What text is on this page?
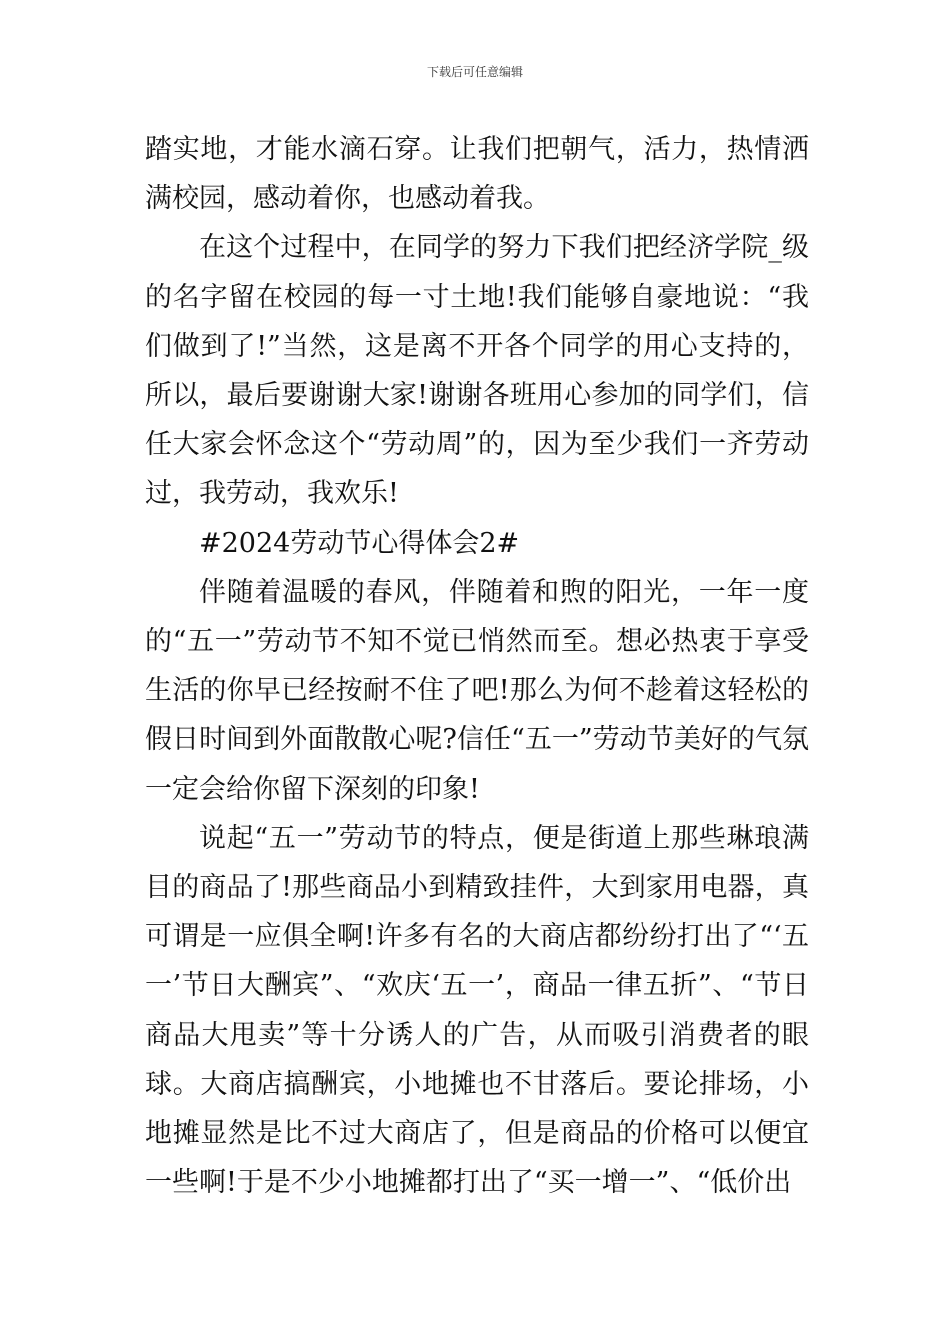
下载后可任意编辑

踏实地，才能水滴石穿。让我们把朝气，活力，热情洒满校园，感动着你，也感动着我。

在这个过程中，在同学的努力下我们把经济学院_级的名字留在校园的每一寸土地!我们能够自豪地说：“我们做到了!”当然，这是离不开各个同学的用心支持的，所以，最后要谢谢大家!谢谢各班用心参加的同学们，信任大家会怀念这个“劳动周”的，因为至少我们一齐劳动过，我劳动，我欢乐!

#2024劳动节心得体会2#

伴随着温暖的春风，伴随着和煦的阳光，一年一度的“五一”劳动节不知不觉已悄然而至。想必热衷于享受生活的你早已经按耐不住了吧!那么为何不趁着这轻松的假日时间到外面散散心呢?信任“五一”劳动节美好的气氛一定会给你留下深刻的印象!

说起“五一”劳动节的特点，便是街道上那些琳琅满目的商品了!那些商品小到精致挂件，大到家用电器，真可谓是一应俱全啊!许多有名的大商店都纷纷打出了“‘五一’节日大酬宾”、“欢庆‘五一’，商品一律五折”、“节日商品大甩卖”等十分诱人的广告，从而吸引消费者的眼球。大商店搞酬宾，小地摊也不甘落后。要论排场，小地摊显然是比不过大商店了，但是商品的价格可以便宜一些啊!于是不少小地摊都打出了“买一增一”、“低价出
